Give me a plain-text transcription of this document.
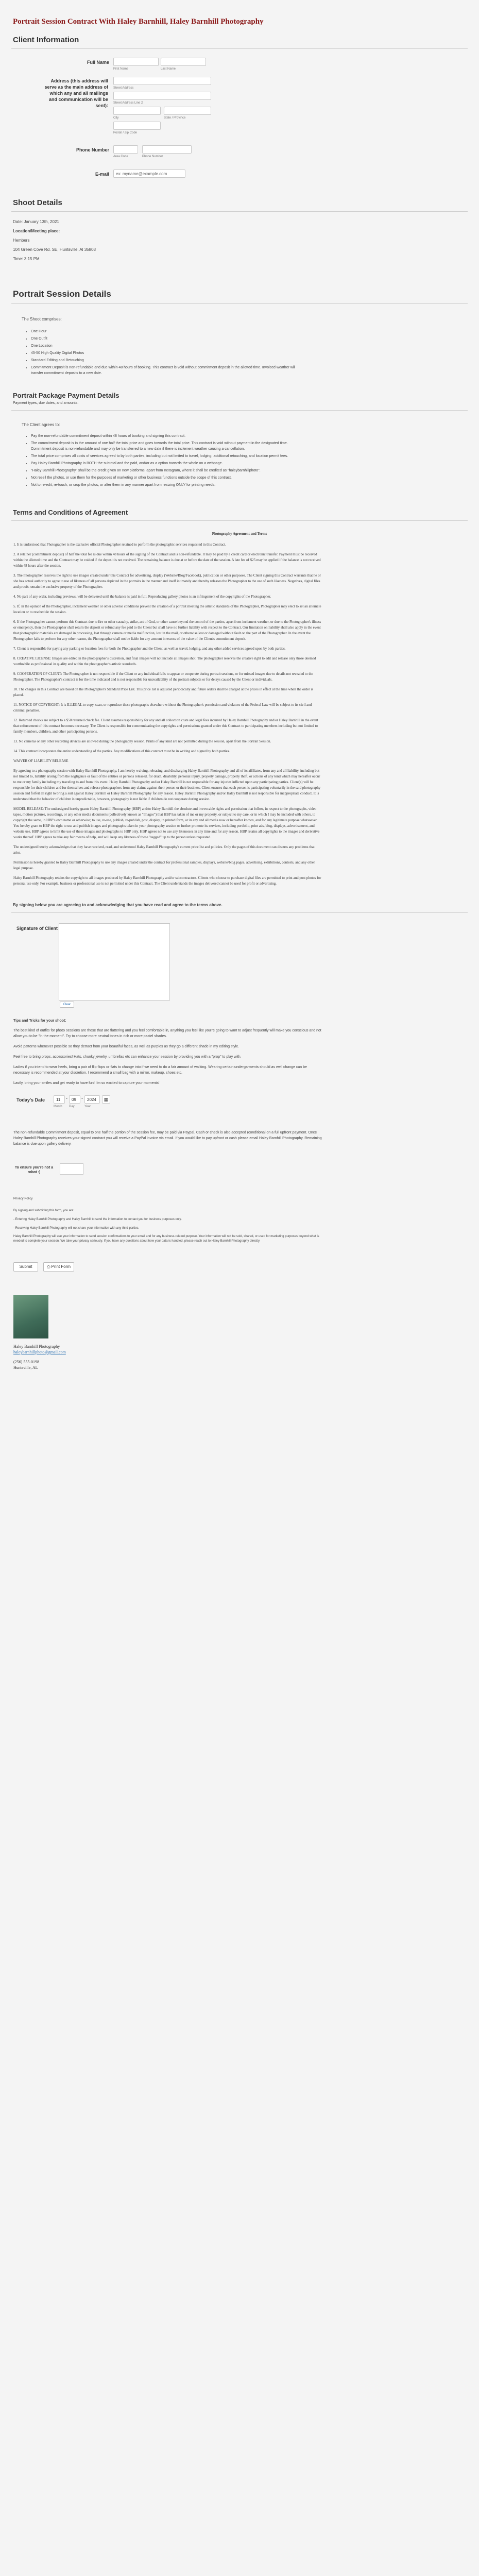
Portrait Session Contract With Haley Barnhill, Haley Barnhill Photography
Client Information
Full Name
First Name	Last Name
Address (this address will serve as the main address of which any and all mailings and communication will be sent):
Street Address
Street Address Line 2
City	State / Province
Postal / Zip Code
Phone Number
Area Code	Phone Number
E-mail	ex: myname@example.com
Shoot Details
Date: January 13th, 2021
Location/Meeting place:
Hembers
104 Green Cove Rd. SE, Huntsville, Al 35803
Time: 3:15 PM
Portrait Session Details
The Shoot comprises:
• One Hour
• One Outfit
• One Location
• 45-50 High Quality Digital Photos
• Standard Editing and Retouching
• Commitment Deposit is non-refundable and due within 48 hours of booking. This contract is void without commitment deposit in the allotted time. Invoiced weather will transfer commitment deposits to a new date.
Portrait Package Payment Details
Payment types, due dates, and amounts.
The Client agrees to:
• Pay the non-refundable commitment deposit within 48 hours of booking and signing this contract.
• The commitment deposit is in the amount of one half the total price and goes towards the total price. This contract is void without payment in the designated time. Commitment deposit is non-refundable and may only be transferred to a new date if there is inclement weather causing a cancellation.
• The total price comprises all costs of services agreed to by both parties, including but not limited to travel, lodging, additional retouching, and location permit fees.
• Pay Haley Barnhill Photography in BOTH the subtotal and the paid, and/or as a option towards the whole on a webpage.
• "Haley Barnhill Photography" shall be the credit given on new platforms, apart from Instagram, where it shall be credited as "haleybarnhillphoto".
• Not resell the photos, or use them for the purposes of marketing or other business functions outside the scope of this contract.
• Not to re-edit, re-touch, or crop the photos, or alter them in any manner apart from resizing ONLY for printing needs.
Terms and Conditions of Agreement
Photography Agreement and Terms

1. It is understood that Photographer is the exclusive official Photographer retained to perform the photographic services requested in this Contract.

2. A retainer (commitment deposit) of half the total fee is due within 48 hours of the signing of the Contract and is non-refundable. It may be paid by a credit card or electronic transfer. Payment must be received within the allotted time and the Contract may be voided if the deposit is not received. The remaining balance is due at or before the date of the session. A late fee of $25 may be applied if the balance is not received within 48 hours after the session.

3. The Photographer reserves the right to use images created under this Contract for advertising, display (Website/Blog/Facebook), publication or other purposes. The Client signing this Contract warrants that he or she has actual authority to agree to use of likeness of all persons depicted in the portraits in the manner and itself intimately and thereby releases the Photographer to the use of such likeness. Negatives, digital files and proofs remain the exclusive property of the Photographer.

4. No part of any order, including previews, will be delivered until the balance is paid in full. Reproducing gallery photos is an infringement of the copyrights of the Photographer.

5. If, in the opinion of the Photographer, inclement weather or other adverse conditions prevent the creation of a portrait meeting the artistic standards of the Photographer, Photographer may elect to set an alternate location or to reschedule the session.

6. If the Photographer cannot perform this Contract due to fire or other casualty, strike, act of God, or other cause beyond the control of the parties, apart from inclement weather, or due to the Photographer's illness or emergency, then the Photographer shall return the deposit or refund any fee paid to the Client but shall have no further liability with respect to the Contract. Our limitation on liability shall also apply in the event that photographic materials are damaged in processing, lost through camera or media malfunction, lost in the mail, or otherwise lost or damaged without fault on the part of the Photographer. In the event the Photographer fails to perform for any other reason, the Photographer shall not be liable for any amount in excess of the value of the Client's commitment deposit.

7. Client is responsible for paying any parking or location fees for both the Photographer and the Client, as well as travel, lodging, and any other added services agreed upon by both parties.

8. CREATIVE LICENSE: Images are edited in the photographer's discretion, and final images will not include all images shot. The photographer reserves the creative right to edit and release only those deemed worthwhile as professional in quality and within the photographer's artistic standards.

9. COOPERATION OF CLIENT: The Photographer is not responsible if the Client or any individual fails to appear or cooperate during portrait sessions, or for missed images due to details not revealed to the Photographer. The Photographer's contract is for the time indicated and is not responsible for unavailability of the portrait subjects or for delays caused by the Client or individuals.

10. The charges in this Contract are based on the Photographer's Standard Price List. This price list is adjusted periodically and future orders shall be charged at the prices in effect at the time when the order is placed.

11. NOTICE OF COPYRIGHT: It is ILLEGAL to copy, scan, or reproduce these photographs elsewhere without the Photographer's permission and violators of the Federal Law will be subject to its civil and criminal penalties.

12. Returned checks are subject to a $50 returned check fee. Client assumes responsibility for any and all collection costs and legal fees incurred by Haley Barnhill Photography and/or Haley Barnhill in the event that enforcement of this contract becomes necessary. The Client is responsible for communicating the copyrights and permissions granted under this Contract to participating members including but not limited to family members, children, and other participating persons.

13. No cameras or any other recording devices are allowed during the photography session. Prints of any kind are not permitted during the session, apart from the Portrait Session.

14. This contract incorporates the entire understanding of the parties. Any modifications of this contract must be in writing and signed by both parties.

WAIVER OF LIABILITY RELEASE

By agreeing to a photography session with Haley Barnhill Photography, I am hereby waiving, releasing, and discharging Haley Barnhill Photography and all of its affiliates, from any and all liability, including but not limited to, liability arising from the negligence or fault of the entities or persons released, for death, disability, personal injury, property damage, property theft, or actions of any kind which may hereafter occur to me or my family including my traveling to and from this event. Haley Barnhill Photography and/or Haley Barnhill is not responsible for any injuries inflicted upon any participating parties. Client(s) will be responsible for their children and for themselves and release photographers from any claims against their person or their business. Client ensures that each person is participating voluntarily in the said photography session and forfeit all right to bring a suit against Haley Barnhill or Haley Barnhill Photography for any reason. Haley Barnhill Photography and/or Haley Barnhill is not responsible for inappropriate conduct. It is understood that the behavior of children is unpredictable, however, photography is not liable if children do not cooperate during session.

MODEL RELEASE: The undersigned hereby grants Haley Barnhill Photography (HBP) and/or Haley Barnhill the absolute and irrevocable rights and permission that follow, in respect to the photographs, video tapes, motion pictures, recordings, or any other media documents (collectively known as "Images") that HBP has taken of me or my property, or subject to my care, or in which I may be included with others, to copyright the same, in HBP's own name or otherwise; to use, re-use, publish, re-publish, post, display, in printed form, or in any and all media now or hereafter known, and for any legitimate purpose whatsoever. You hereby grant to HBP the right to use and publish images and photographs taken in your photography session or further promote its services, including portfolio, print ads, blog, displays, advertisement, and website use. HBP agrees to limit the use of these images and photographs to HBP only. HBP agrees not to use any likenesses in any time and for any reason. HBP retains all copyrights to the images and derivative works thereof. HBP agrees to take any fair means of help, and will keep any likeness of those "tagged" up to the person unless requested.

The undersigned hereby acknowledges that they have received, read, and understood Haley Barnhill Photography's current price list and policies. Only the pages of this document can discuss any problems that arise.

Permission is hereby granted to Haley Barnhill Photography to use any images created under the contract for professional samples, displays, website/blog pages, advertising, exhibitions, contests, and any other legal purpose.

Haley Barnhill Photography retains the copyright to all images produced by Haley Barnhill Photography and/or subcontractors. Clients who choose to purchase digital files are permitted to print and post photos for personal use only. For example, business or professional use is not permitted under this Contract. The Client understands the images delivered cannot be used for profit or advertising.

By signing below you are agreeing to and acknowledging that you have read and agree to the terms above.
Signature of Client
Clear
Tips and Tricks for your shoot:
The best kind of outfits for photo sessions are those that are flattering and you feel comfortable in, anything you feel like you're going to want to adjust frequently will make you conscious and not allow you to be "in the moment". Try to choose more neutral tones in rich or more pastel shades.
Avoid patterns whenever possible so they detract from your beautiful faces, as well as purples as they go a different shade in my editing style.
Feel free to bring props, accessories! Hats, chunky jewelry, umbrellas etc can enhance your session by providing you with a "prop" to play with.
Ladies if you intend to wear heels, bring a pair of flip flops or flats to change into if we need to do a fair amount of walking. Wearing certain undergarments should as well change can be necessary is recommended at your discretion. I recommend a small bag with a mirror, makeup, shoes etc.
Lastly, bring your smiles and get ready to have fun! I'm so excited to capture your moments!
Today's Date	11
Month
-	09
Day
-	2024
Year
▦
The non-refundable Commitment deposit, equal to one half the portion of the session fee, may be paid via Paypal. Cash or check is also accepted (conditional on a full upfront payment. Once Haley Barnhill Photography receives your signed contract you will receive a PayPal invoice via email. If you would like to pay upfront or cash please email Haley Barnhill Photography. Remaining balance is due upon gallery delivery.
To ensure you're not a robot :)
Privacy Policy
By signing and submitting this form, you are:
- Entering Haley Barnhill Photography and Haley Barnhill to send the information to contact you for business purposes only.
- Receiving Haley Barnhill Photography will not share your information with any third parties.
Haley Barnhill Photography will use your information to send session confirmations to your email and for any business-related purpose. Your information will not be sold, shared, or used for marketing purposes beyond what is needed to complete your session. We take your privacy seriously. If you have any questions about how your data is handled, please reach out to Haley Barnhill Photography directly.
Submit	⎙ Print Form
Haley Barnhill Photography
haleybarnhillphoto@gmail.com
(256) 555-0198
Huntsville, AL
